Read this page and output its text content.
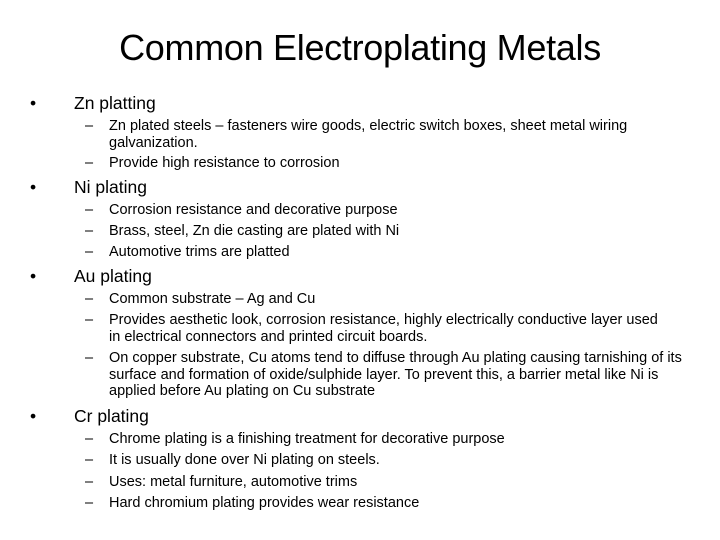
Common Electroplating Metals
• Zn platting
– Zn plated steels – fasteners wire goods, electric switch boxes, sheet metal wiring galvanization.
– Provide high resistance to corrosion
• Ni plating
– Corrosion resistance and decorative purpose
– Brass, steel, Zn die casting are plated with Ni
– Automotive trims are platted
• Au plating
– Common substrate – Ag and Cu
– Provides aesthetic look, corrosion resistance, highly electrically conductive layer used in electrical connectors and printed circuit boards.
– On copper substrate, Cu atoms tend to diffuse through Au plating causing tarnishing of its surface and formation of oxide/sulphide layer. To prevent this, a barrier metal like Ni is applied before Au plating on Cu substrate
• Cr plating
– Chrome plating is a finishing treatment for decorative purpose
– It is usually done over Ni plating on steels.
– Uses: metal furniture, automotive trims
– Hard chromium plating provides wear resistance
